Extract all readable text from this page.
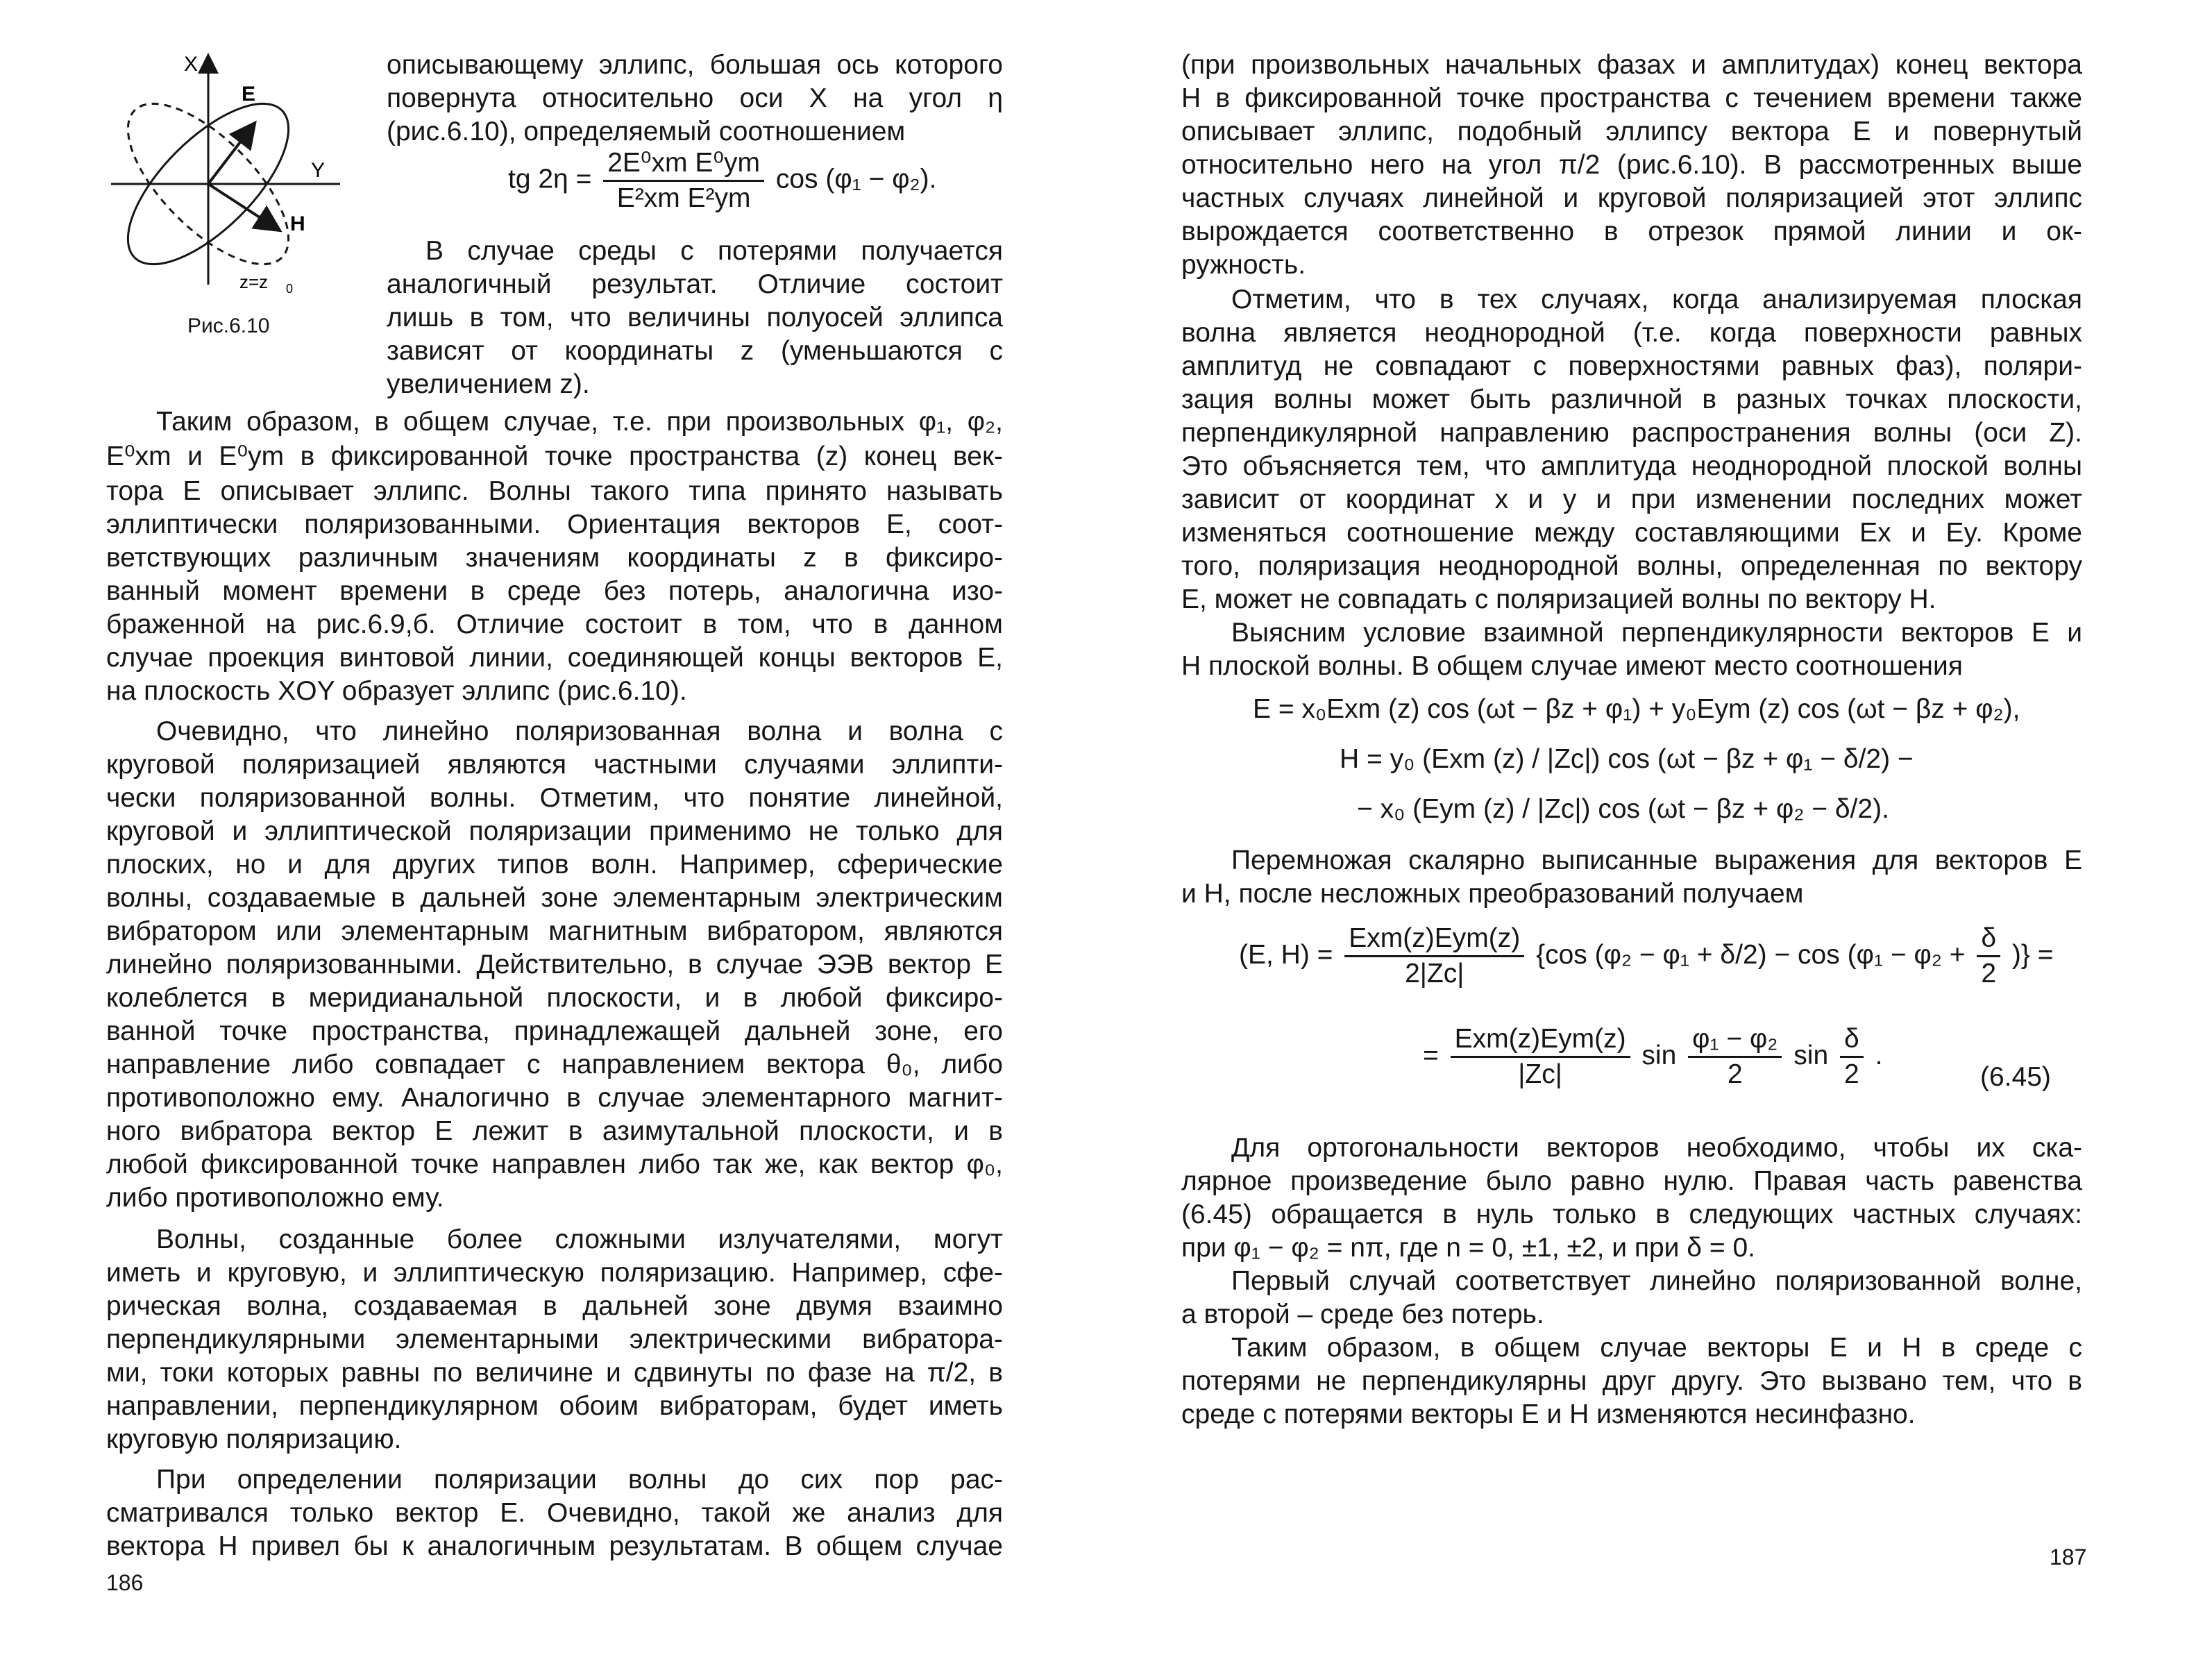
X
E
Y
H
z=z 0
Рис.6.10
описывающему эллипс, большая ось которого
повернута относительно оси X на угол η
(рис.6.10), определяемый соотношением
tg $2\eta = \frac{\text{2E⁰xm E⁰ym}}{\text{E²xm E²ym}}$ cos (φ₁ − φ₂).
В случае среды с потерями получается
аналогичный результат. Отличие состоит
лишь в том, что величины полуосей эллипса
зависят от координаты z (уменьшаются с
увеличением z).
Таким образом, в общем случае, т.е. при произвольных φ₁, φ₂,
E⁰xm и E⁰ym в фиксированной точке пространства (z) конец век-
тора E описывает эллипс. Волны такого типа принято называть
эллиптически поляризованными. Ориентация векторов E, соот-
ветствующих различным значениям координаты z в фиксиро-
ванный момент времени в среде без потерь, аналогична изо-
браженной на рис.6.9,б. Отличие состоит в том, что в данном
случае проекция винтовой линии, соединяющей концы векторов E,
на плоскость XOY образует эллипс (рис.6.10).
Очевидно, что линейно поляризованная волна и волна с
круговой поляризацией являются частными случаями эллипти-
чески поляризованной волны. Отметим, что понятие линейной,
круговой и эллиптической поляризации применимо не только для
плоских, но и для других типов волн. Например, сферические
волны, создаваемые в дальней зоне элементарным электрическим
вибратором или элементарным магнитным вибратором, являются
линейно поляризованными. Действительно, в случае ЭЭВ вектор E
колеблется в меридианальной плоскости, и в любой фиксиро-
ванной точке пространства, принадлежащей дальней зоне, его
направление либо совпадает с направлением вектора θ₀, либо
противоположно ему. Аналогично в случае элементарного магнит-
ного вибратора вектор E лежит в азимутальной плоскости, и в
любой фиксированной точке направлен либо так же, как вектор φ₀,
либо противоположно ему.
Волны, созданные более сложными излучателями, могут
иметь и круговую, и эллиптическую поляризацию. Например, сфе-
рическая волна, создаваемая в дальней зоне двумя взаимно
перпендикулярными элементарными электрическими вибратора-
ми, токи которых равны по величине и сдвинуты по фазе на π/2, в
направлении, перпендикулярном обоим вибраторам, будет иметь
круговую поляризацию.
При определении поляризации волны до сих пор рас-
сматривался только вектор E. Очевидно, такой же анализ для
вектора H привел бы к аналогичным результатам. В общем случае
186
(при произвольных начальных фазах и амплитудах) конец вектора
H в фиксированной точке пространства с течением времени также
описывает эллипс, подобный эллипсу вектора E и повернутый
относительно него на угол π/2 (рис.6.10). В рассмотренных выше
частных случаях линейной и круговой поляризацией этот эллипс
вырождается соответственно в отрезок прямой линии и ок-
ружность.
Отметим, что в тех случаях, когда анализируемая плоская
волна является неоднородной (т.е. когда поверхности равных
амплитуд не совпадают с поверхностями равных фаз), поляри-
зация волны может быть различной в разных точках плоскости,
перпендикулярной направлению распространения волны (оси Z).
Это объясняется тем, что амплитуда неоднородной плоской волны
зависит от координат x и y и при изменении последних может
изменяться соотношение между составляющими Ex и Ey. Кроме
того, поляризация неоднородной волны, определенная по вектору
E, может не совпадать с поляризацией волны по вектору H.
Выясним условие взаимной перпендикулярности векторов E и
H плоской волны. В общем случае имеют место соотношения
E = x₀Exm (z) cos (ωt − βz + φ₁) + y₀Eym (z) cos (ωt − βz + φ₂),
H = y₀ (Exm (z) / |Zc|) cos (ωt − βz + φ₁ − δ/2) −
− x₀ (Eym (z) / |Zc|) cos (ωt − βz + φ₂ − δ/2).
Перемножая скалярно выписанные выражения для векторов E
и H, после несложных преобразований получаем
(E, $H) = \frac{\text{Exm(z)Eym(z)}}{2|Zc|} \{\cos$ $(\varphi_2 - \varphi_1 + \delta/2) - \cos (\varphi_1 - \varphi_2 + \frac{\delta}{2}$ )} =
= $\frac{\text{Exm(z)Eym(z)}}{|Zc|}$ $\sin \frac{\text{φ₁ − φ₂}}{2}$ $\sin \frac{\delta}{2}$ .
(6.45)
Для ортогональности векторов необходимо, чтобы их ска-
лярное произведение было равно нулю. Правая часть равенства
(6.45) обращается в нуль только в следующих частных случаях:
при φ₁ − φ₂ = nπ, где n = 0, ±1, ±2, и при δ = 0.
Первый случай соответствует линейно поляризованной волне,
а второй – среде без потерь.
Таким образом, в общем случае векторы E и H в среде с
потерями не перпендикулярны друг другу. Это вызвано тем, что в
среде с потерями векторы E и H изменяются несинфазно.
187
